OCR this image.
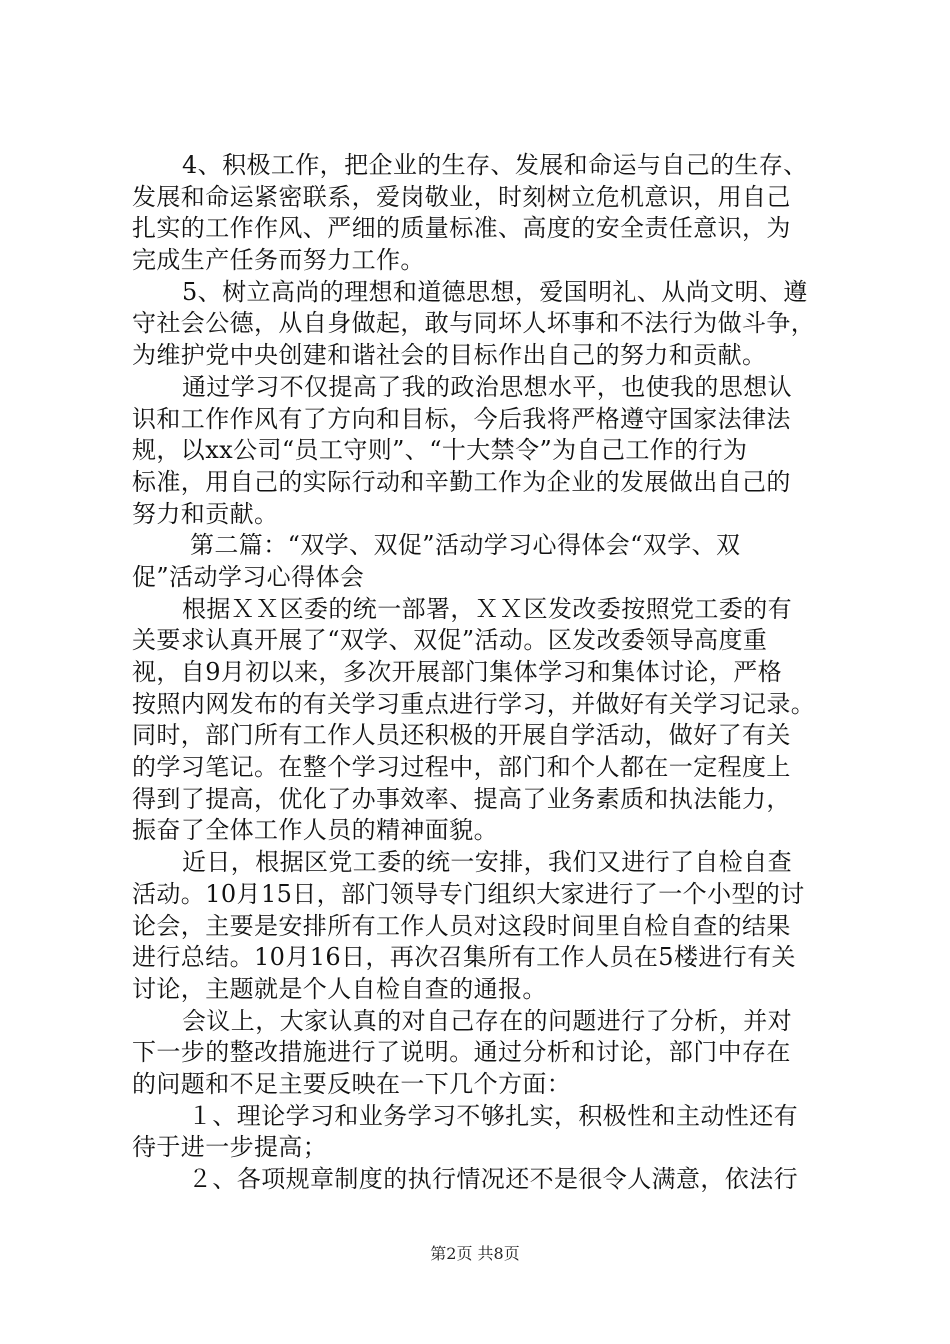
4、积极工作，把企业的生存、发展和命运与自己的生存、
发展和命运紧密联系，爱岗敬业，时刻树立危机意识，用自己
扎实的工作作风、严细的质量标准、高度的安全责任意识，为
完成生产任务而努力工作。
5、树立高尚的理想和道德思想，爱国明礼、从尚文明、遵
守社会公德，从自身做起，敢与同坏人坏事和不法行为做斗争，
为维护党中央创建和谐社会的目标作出自己的努力和贡献。
通过学习不仅提高了我的政治思想水平，也使我的思想认
识和工作作风有了方向和目标，今后我将严格遵守国家法律法
规，以xx公司“员工守则”、“十大禁令”为自己工作的行为
标准，用自己的实际行动和辛勤工作为企业的发展做出自己的
努力和贡献。
第二篇：“双学、双促”活动学习心得体会“双学、双
促”活动学习心得体会
根据ＸＸ区委的统一部署，ＸＸ区发改委按照党工委的有
关要求认真开展了“双学、双促”活动。区发改委领导高度重
视，自9月初以来，多次开展部门集体学习和集体讨论，严格
按照内网发布的有关学习重点进行学习，并做好有关学习记录。
同时，部门所有工作人员还积极的开展自学活动，做好了有关
的学习笔记。在整个学习过程中，部门和个人都在一定程度上
得到了提高，优化了办事效率、提高了业务素质和执法能力，
振奋了全体工作人员的精神面貌。
近日，根据区党工委的统一安排，我们又进行了自检自查
活动。10月15日，部门领导专门组织大家进行了一个小型的讨
论会，主要是安排所有工作人员对这段时间里自检自查的结果
进行总结。10月16日，再次召集所有工作人员在5楼进行有关
讨论，主题就是个人自检自查的通报。
会议上，大家认真的对自己存在的问题进行了分析，并对
下一步的整改措施进行了说明。通过分析和讨论，部门中存在
的问题和不足主要反映在一下几个方面：
１、理论学习和业务学习不够扎实，积极性和主动性还有
待于进一步提高；
２、各项规章制度的执行情况还不是很令人满意，依法行
第2页 共8页
